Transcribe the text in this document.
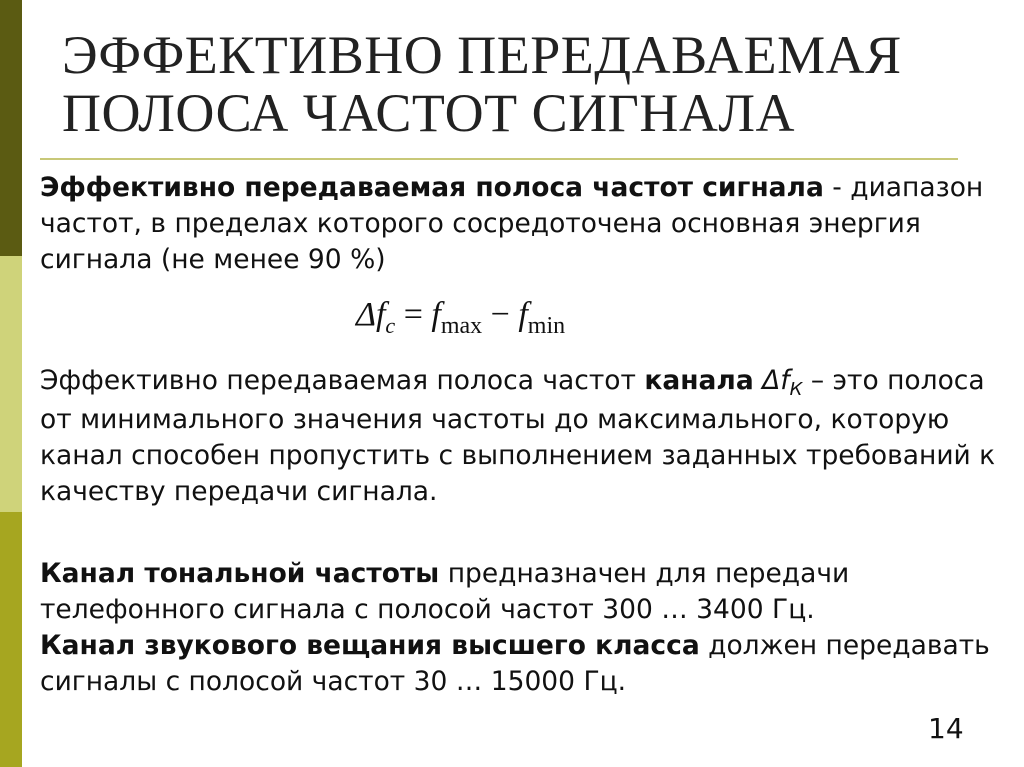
ЭФФЕКТИВНО ПЕРЕДАВАЕМАЯ
ПОЛОСА ЧАСТОТ СИГНАЛА
Эффективно передаваемая полоса частот сигнала - диапазон частот, в пределах которого сосредоточена основная энергия сигнала (не менее 90 %)
$\Delta f_c = f_{max} - f_{min}$
Эффективно передаваемая полоса частот канала $\Delta f_К$ – это полоса от минимального значения частоты до максимального, которую канал способен пропустить с выполнением заданных требований к качеству передачи сигнала.
Канал тональной частоты предназначен для передачи телефонного сигнала с полосой частот 300 … 3400 Гц.
Канал звукового вещания высшего класса должен передавать сигналы с полосой частот 30 … 15000 Гц.
14
